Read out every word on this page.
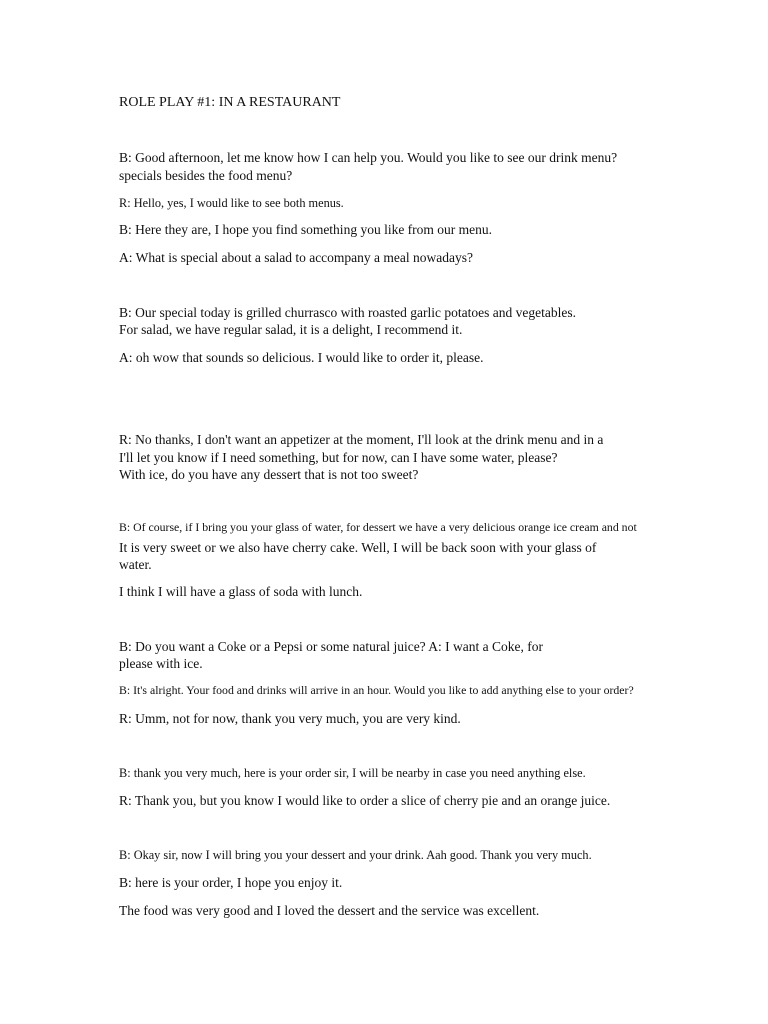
ROLE PLAY #1: IN A RESTAURANT
B: Good afternoon, let me know how I can help you. Would you like to see our drink menu?
specials besides the food menu?
R: Hello, yes, I would like to see both menus.
B: Here they are, I hope you find something you like from our menu.
A: What is special about a salad to accompany a meal nowadays?
B: Our special today is grilled churrasco with roasted garlic potatoes and vegetables.
For salad, we have regular salad, it is a delight, I recommend it.
A: oh wow that sounds so delicious. I would like to order it, please.
R: No thanks, I don't want an appetizer at the moment, I'll look at the drink menu and in a
I'll let you know if I need something, but for now, can I have some water, please?
With ice, do you have any dessert that is not too sweet?
B: Of course, if I bring you your glass of water, for dessert we have a very delicious orange ice cream and not
It is very sweet or we also have cherry cake. Well, I will be back soon with your glass of
water.
I think I will have a glass of soda with lunch.
B: Do you want a Coke or a Pepsi or some natural juice? A: I want a Coke, for
please with ice.
B: It's alright. Your food and drinks will arrive in an hour. Would you like to add anything else to your order?
R: Umm, not for now, thank you very much, you are very kind.
B: thank you very much, here is your order sir, I will be nearby in case you need anything else.
R: Thank you, but you know I would like to order a slice of cherry pie and an orange juice.
B: Okay sir, now I will bring you your dessert and your drink. Aah good. Thank you very much.
B: here is your order, I hope you enjoy it.
The food was very good and I loved the dessert and the service was excellent.
